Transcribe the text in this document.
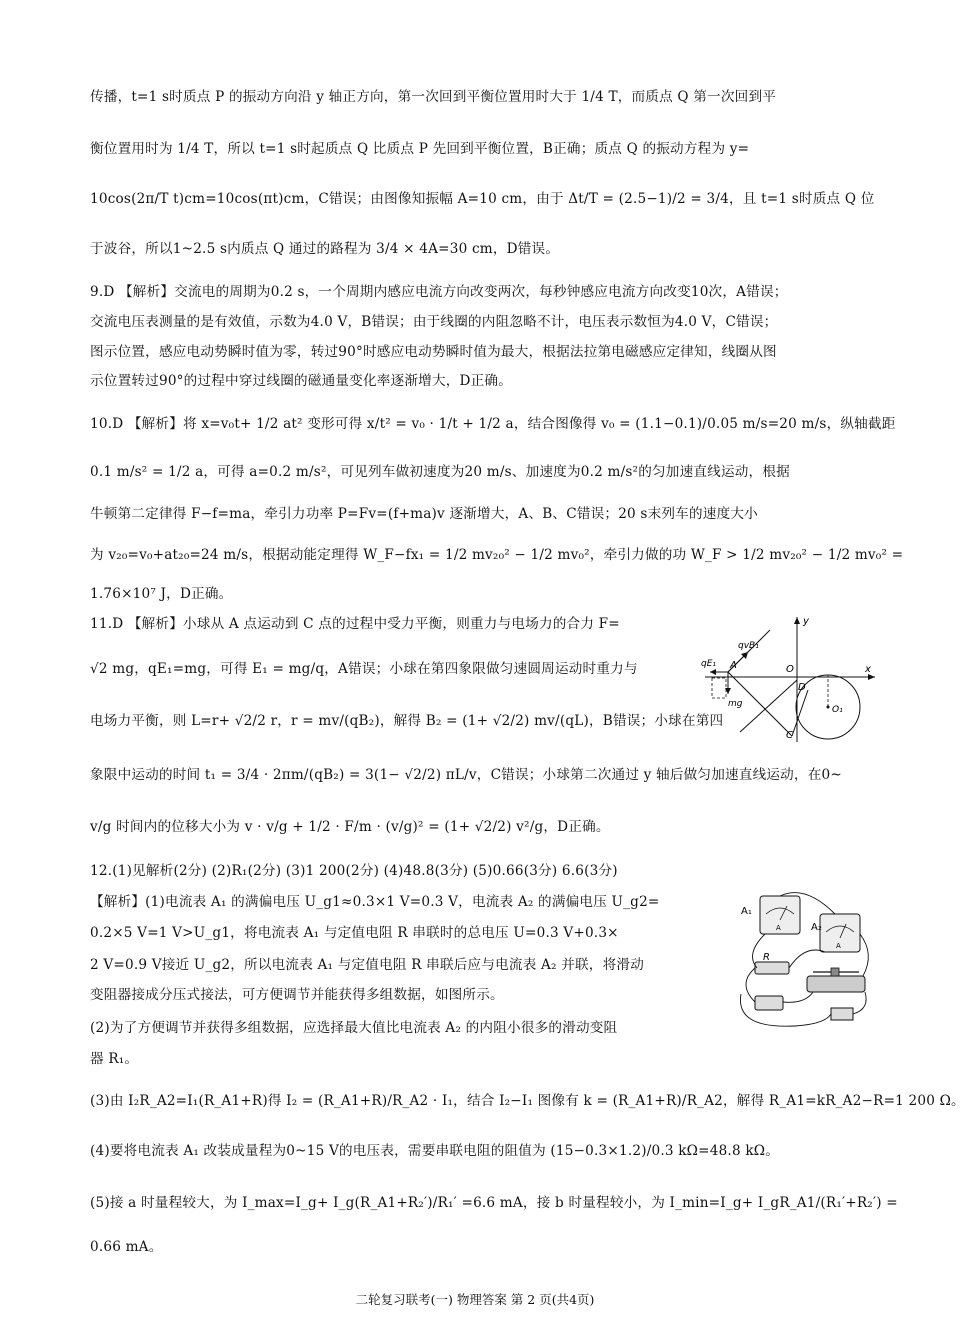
传播，t=1 s时质点 P 的振动方向沿 y 轴正方向，第一次回到平衡位置用时大于 1/4 T，而质点 Q 第一次回到平
衡位置用时为 1/4 T，所以 t=1 s时起质点 Q 比质点 P 先回到平衡位置，B正确；质点 Q 的振动方程为 y=
10cos(2π/T t)cm=10cos(πt)cm，C错误；由图像知振幅 A=10 cm，由于 Δt/T = (2.5−1)/2 = 3/4，且 t=1 s时质点 Q 位
于波谷，所以1~2.5 s内质点 Q 通过的路程为 3/4 × 4A=30 cm，D错误。
9.D 【解析】交流电的周期为0.2 s，一个周期内感应电流方向改变两次，每秒钟感应电流方向改变10次，A错误；
交流电压表测量的是有效值，示数为4.0 V，B错误；由于线圈的内阻忽略不计，电压表示数恒为4.0 V，C错误；
图示位置，感应电动势瞬时值为零，转过90°时感应电动势瞬时值为最大，根据法拉第电磁感应定律知，线圈从图
示位置转过90°的过程中穿过线圈的磁通量变化率逐渐增大，D正确。
10.D 【解析】将 x=v₀t+ 1/2 at² 变形可得 x/t² = v₀ · 1/t + 1/2 a，结合图像得 v₀ = (1.1−0.1)/0.05 m/s=20 m/s，纵轴截距
0.1 m/s² = 1/2 a，可得 a=0.2 m/s²，可见列车做初速度为20 m/s、加速度为0.2 m/s²的匀加速直线运动，根据
牛顿第二定律得 F−f=ma，牵引力功率 P=Fv=(f+ma)v 逐渐增大，A、B、C错误；20 s末列车的速度大小
为 v₂₀=v₀+at₂₀=24 m/s，根据动能定理得 W_F−fx₁ = 1/2 mv₂₀² − 1/2 mv₀²，牵引力做的功 W_F > 1/2 mv₂₀² − 1/2 mv₀² =
1.76×10⁷ J，D正确。
11.D 【解析】小球从 A 点运动到 C 点的过程中受力平衡，则重力与电场力的合力 F=
√2 mg，qE₁=mg，可得 E₁ = mg/q，A错误；小球在第四象限做匀速圆周运动时重力与
电场力平衡，则 L=r+ √2/2 r，r = mv/(qB₂)，解得 B₂ = (1+ √2/2) mv/(qL)，B错误；小球在第四
象限中运动的时间 t₁ = 3/4 · 2πm/(qB₂) = 3(1− √2/2) πL/v，C错误；小球第二次通过 y 轴后做匀加速直线运动，在0~
v/g 时间内的位移大小为 v · v/g + 1/2 · F/m · (v/g)² = (1+ √2/2) v²/g，D正确。
12.(1)见解析(2分) (2)R₁(2分) (3)1 200(2分) (4)48.8(3分) (5)0.66(3分) 6.6(3分)
【解析】(1)电流表 A₁ 的满偏电压 U_g1≈0.3×1 V=0.3 V，电流表 A₂ 的满偏电压 U_g2=
0.2×5 V=1 V>U_g1，将电流表 A₁ 与定值电阻 R 串联时的总电压 U=0.3 V+0.3×
2 V=0.9 V接近 U_g2，所以电流表 A₁ 与定值电阻 R 串联后应与电流表 A₂ 并联，将滑动
变阻器接成分压式接法，可方便调节并能获得多组数据，如图所示。
(2)为了方便调节并获得多组数据，应选择最大值比电流表 A₂ 的内阻小很多的滑动变阻
器 R₁。
(3)由 I₂R_A2=I₁(R_A1+R)得 I₂ = (R_A1+R)/R_A2 · I₁，结合 I₂−I₁ 图像有 k = (R_A1+R)/R_A2，解得 R_A1=kR_A2−R=1 200 Ω。
(4)要将电流表 A₁ 改装成量程为0~15 V的电压表，需要串联电阻的阻值为 (15−0.3×1.2)/0.3 kΩ=48.8 kΩ。
(5)接 a 时量程较大，为 I_max=I_g+ I_g(R_A1+R₂′)/R₁′ =6.6 mA，接 b 时量程较小，为 I_min=I_g+ I_gR_A1/(R₁′+R₂′) =
0.66 mA。
y
x
qvB₁
qE₁ A	O
D
mg
O₁
C
A₁
A	A₂
A
R
二轮复习联考(一) 物理答案 第 2 页(共4页)
